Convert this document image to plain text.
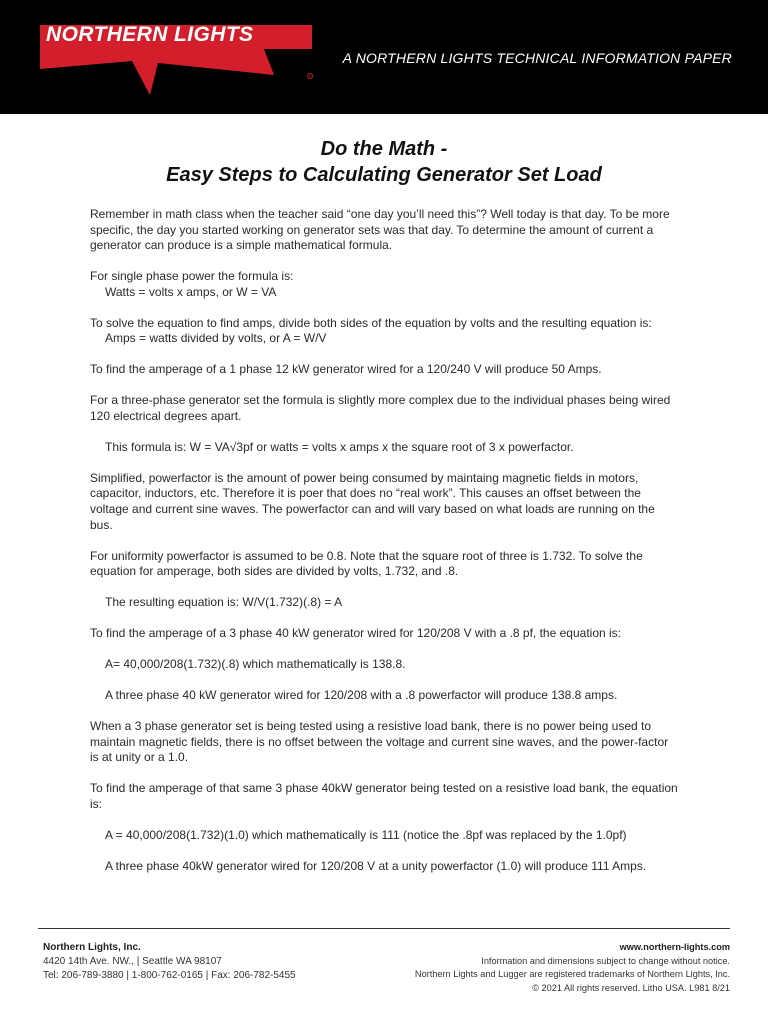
NORTHERN LIGHTS
R
A NORTHERN LIGHTS TECHNICAL INFORMATION PAPER
Do the Math -
Easy Steps to Calculating Generator Set Load

Remember in math class when the teacher said “one day you’ll need this”? Well today is that day. To be more specific, the day you started working on generator sets was that day. To determine the amount of current a generator can produce is a simple mathematical formula.

For single phase power the formula is:

Watts = volts x amps, or W = VA

To solve the equation to find amps, divide both sides of the equation by volts and the resulting equation is:

Amps = watts divided by volts, or A = W/V

To find the amperage of a 1 phase 12 kW generator wired for a 120/240 V will produce 50 Amps.

For a three-phase generator set the formula is slightly more complex due to the individual phases being wired 120 electrical degrees apart.

This formula is: W = VA√3pf or watts = volts x amps x the square root of 3 x powerfactor.

Simplified, powerfactor is the amount of power being consumed by maintaing magnetic fields in motors, capacitor, inductors, etc. Therefore it is poer that does no “real work”. This causes an offset between the voltage and current sine waves. The powerfactor can and will vary based on what loads are running on the bus.

For uniformity powerfactor is assumed to be 0.8. Note that the square root of three is 1.732. To solve the equation for amperage, both sides are divided by volts, 1.732, and .8.

The resulting equation is: W/V(1.732)(.8) = A

To find the amperage of a 3 phase 40 kW generator wired for 120/208 V with a .8 pf, the equation is:

A= 40,000/208(1.732)(.8) which mathematically is 138.8.

A three phase 40 kW generator wired for 120/208 with a .8 powerfactor will produce 138.8 amps.

When a 3 phase generator set is being tested using a resistive load bank, there is no power being used to maintain magnetic fields, there is no offset between the voltage and current sine waves, and the power-factor is at unity or a 1.0.

To find the amperage of that same 3 phase 40kW generator being tested on a resistive load bank, the equation is:

A = 40,000/208(1.732)(1.0) which mathematically is 111 (notice the .8pf was replaced by the 1.0pf)

A three phase 40kW generator wired for 120/208 V at a unity powerfactor (1.0) will produce 111 Amps.

Northern Lights, Inc.
4420 14th Ave. NW., | Seattle WA 98107
Tel: 206-789-3880 | 1-800-762-0165 | Fax: 206-782-5455
www.northern-lights.com
Information and dimensions subject to change without notice.
Northern Lights and Lugger are registered trademarks of Northern Lights, Inc.
© 2021 All rights reserved. Litho USA. L981 8/21
